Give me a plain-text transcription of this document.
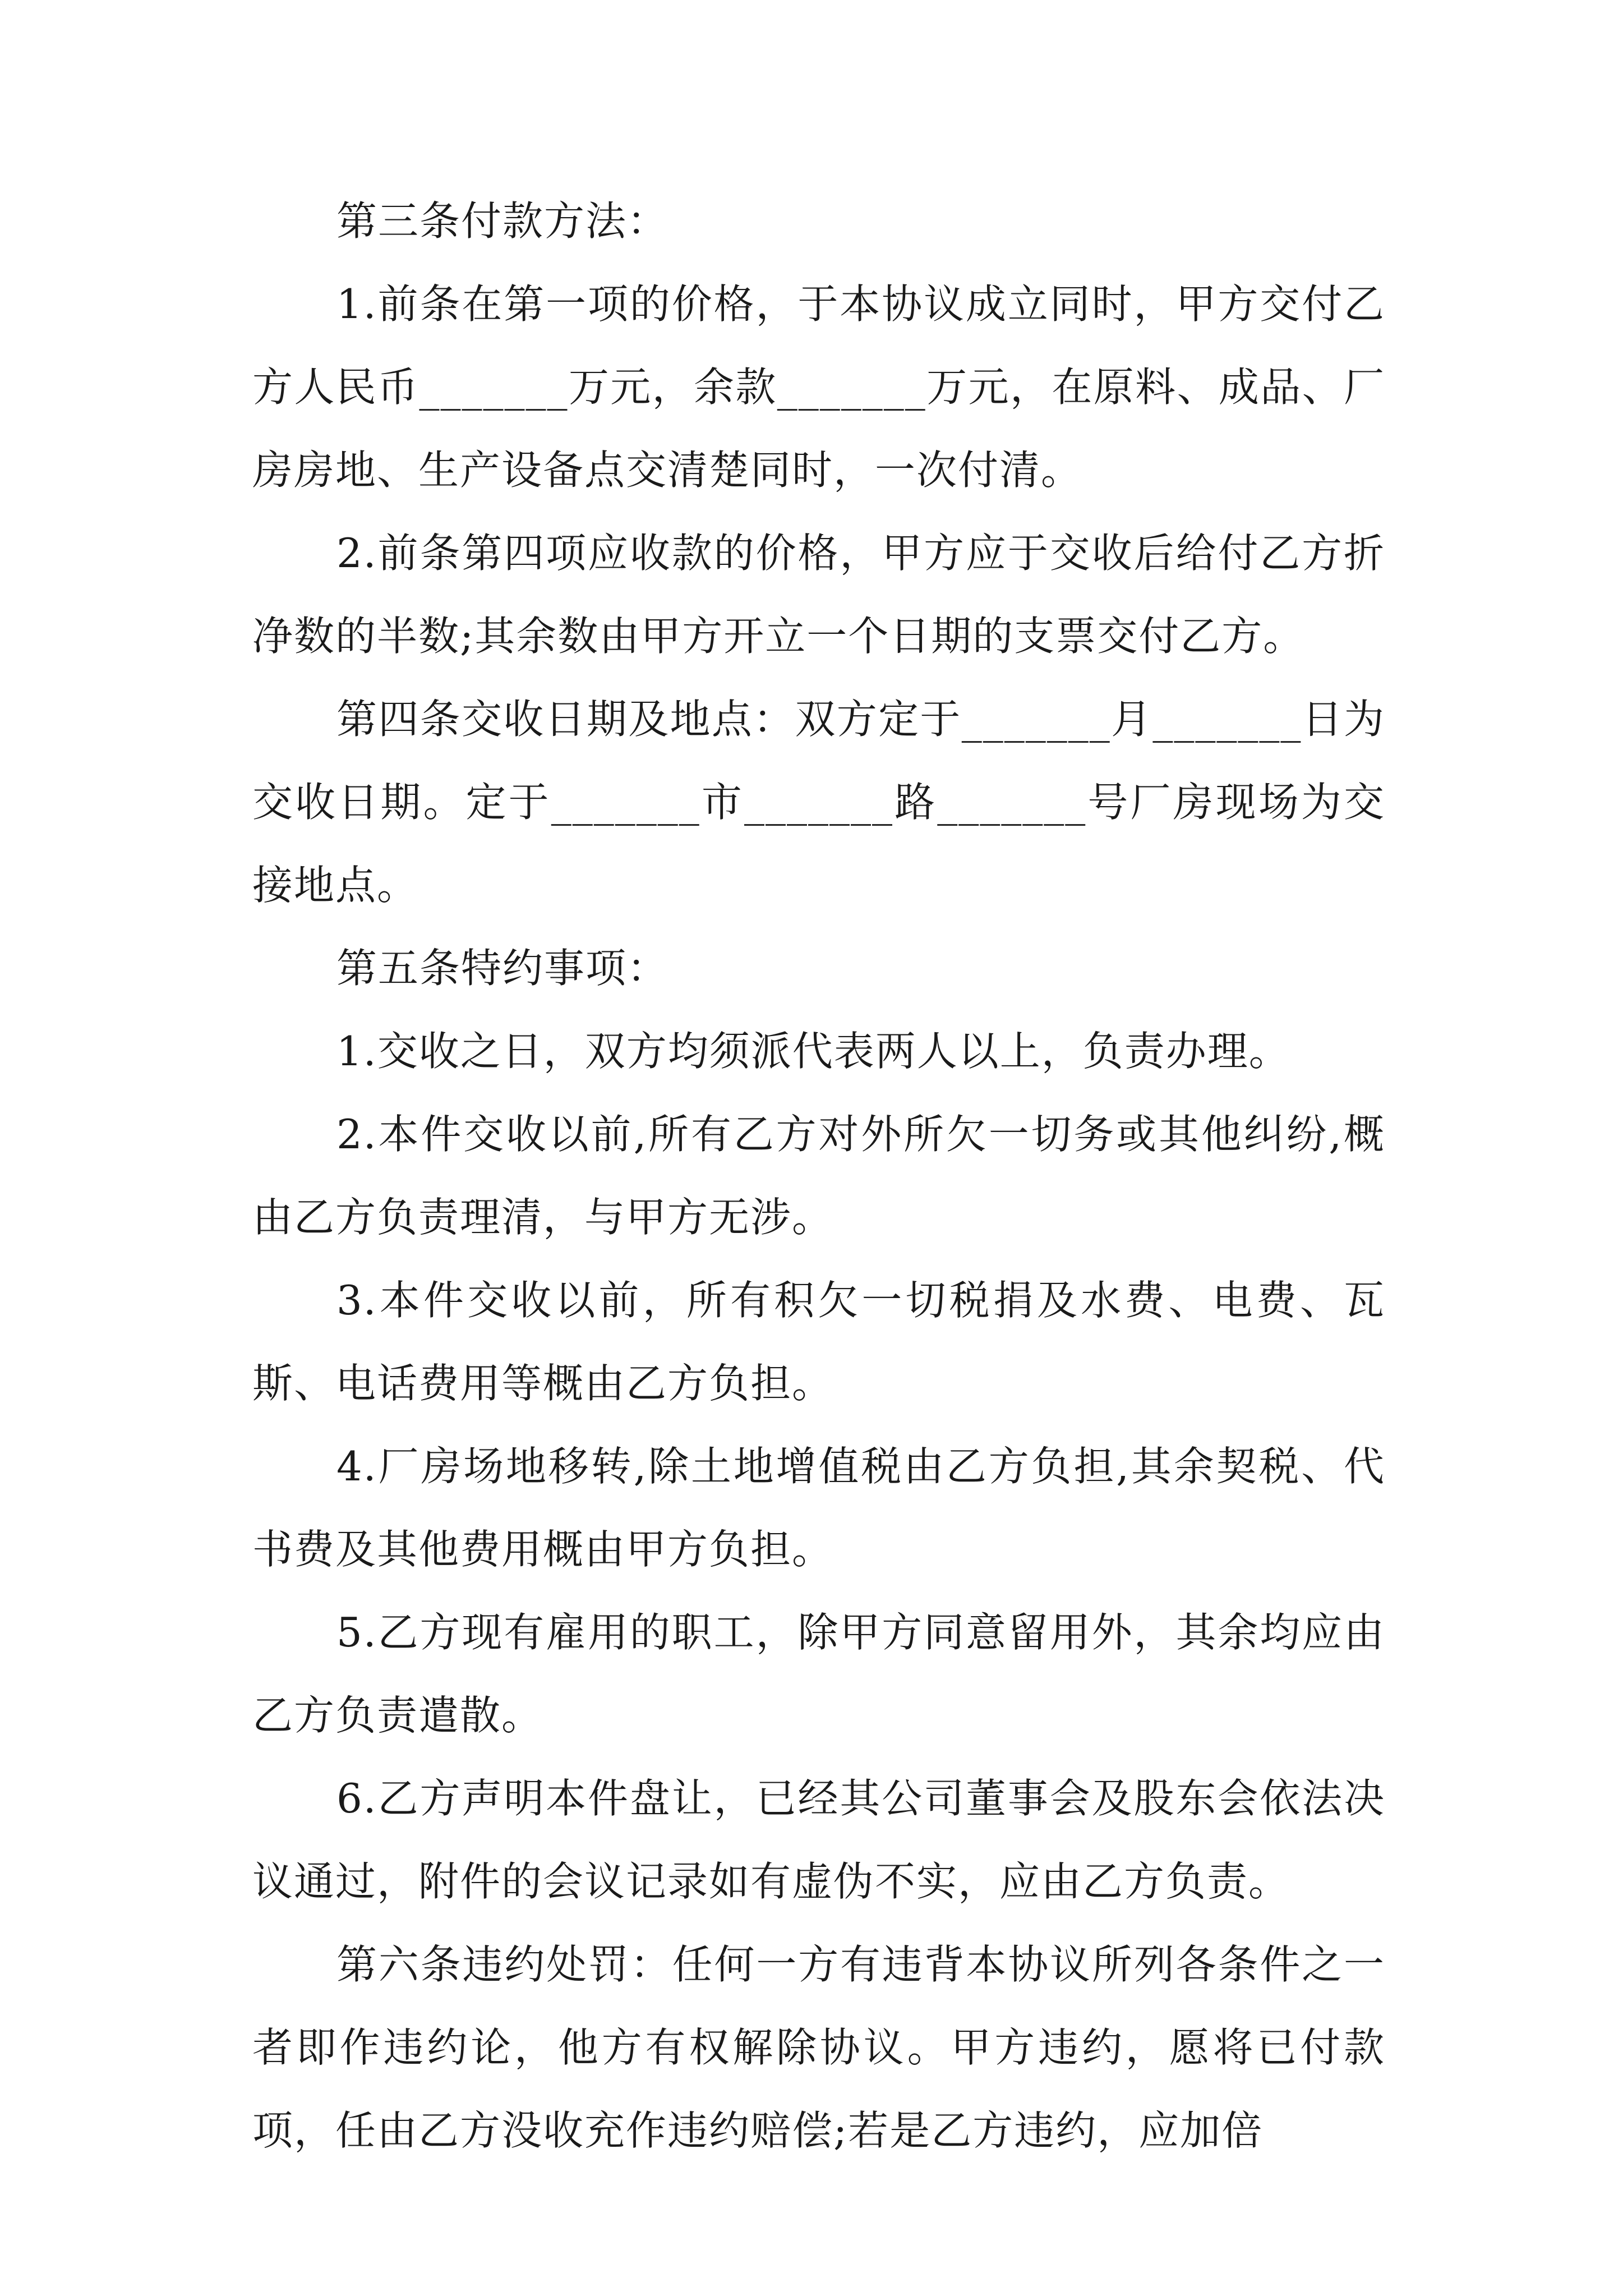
第三条付款方法：

1.前条在第一项的价格，于本协议成立同时，甲方交付乙方人民币_______万元，余款_______万元，在原料、成品、厂房房地、生产设备点交清楚同时，一次付清。

2.前条第四项应收款的价格，甲方应于交收后给付乙方折净数的半数;其余数由甲方开立一个日期的支票交付乙方。

第四条交收日期及地点：双方定于_______月_______日为交收日期。定于_______市_______路_______号厂房现场为交接地点。

第五条特约事项：

1.交收之日，双方均须派代表两人以上，负责办理。

2.本件交收以前,所有乙方对外所欠一切务或其他纠纷,概由乙方负责理清，与甲方无涉。

3.本件交收以前，所有积欠一切税捐及水费、电费、瓦斯、电话费用等概由乙方负担。

4.厂房场地移转,除土地增值税由乙方负担,其余契税、代书费及其他费用概由甲方负担。

5.乙方现有雇用的职工，除甲方同意留用外，其余均应由乙方负责遣散。

6.乙方声明本件盘让，已经其公司董事会及股东会依法决议通过，附件的会议记录如有虚伪不实，应由乙方负责。

第六条违约处罚：任何一方有违背本协议所列各条件之一者即作违约论，他方有权解除协议。甲方违约，愿将已付款项，任由乙方没收充作违约赔偿;若是乙方违约，应加倍
